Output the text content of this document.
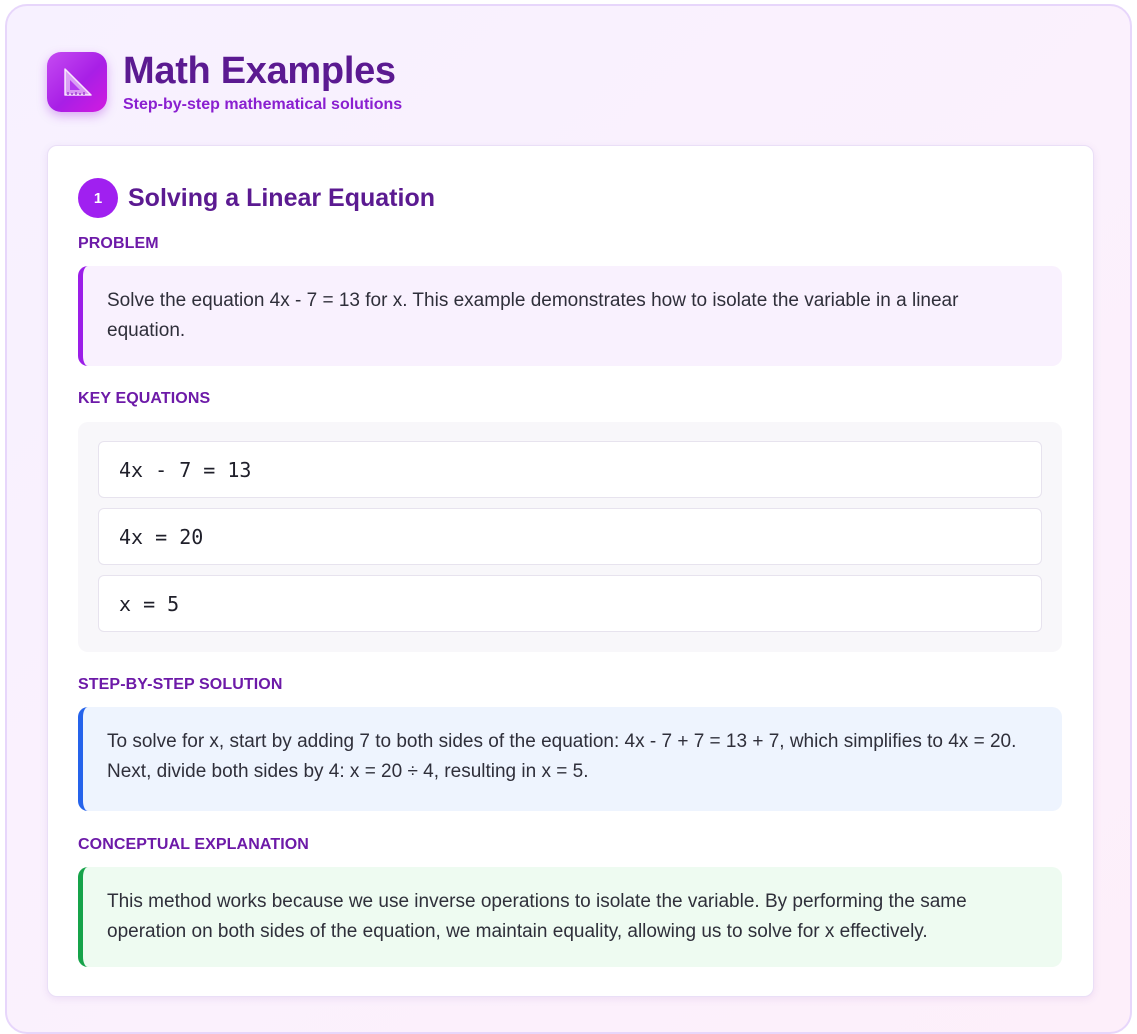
Math Examples
Step-by-step mathematical solutions
1	Solving a Linear Equation
PROBLEM
Solve the equation 4x - 7 = 13 for x. This example demonstrates how to isolate the variable in a linear equation.
KEY EQUATIONS
4x - 7 = 13
4x = 20
x = 5
STEP-BY-STEP SOLUTION
To solve for x, start by adding 7 to both sides of the equation: 4x - 7 + 7 = 13 + 7, which simplifies to 4x = 20. Next, divide both sides by 4: x = 20 ÷ 4, resulting in x = 5.
CONCEPTUAL EXPLANATION
This method works because we use inverse operations to isolate the variable. By performing the same operation on both sides of the equation, we maintain equality, allowing us to solve for x effectively.
